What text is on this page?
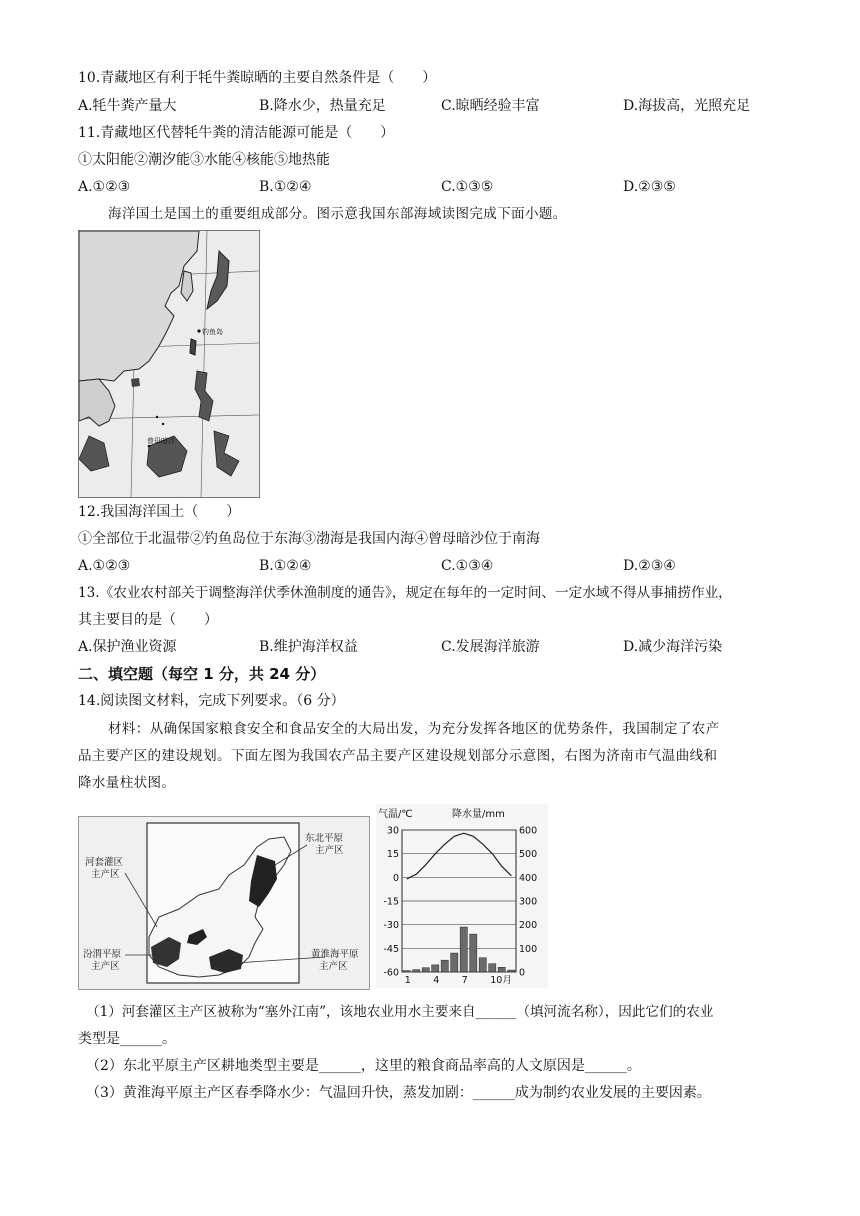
10.青藏地区有利于牦牛粪晾晒的主要自然条件是（　　）
A.牦牛粪产量大	B.降水少，热量充足	C.晾晒经验丰富	D.海拔高，光照充足
11.青藏地区代替牦牛粪的清洁能源可能是（　　）
①太阳能②潮汐能③水能④核能⑤地热能
A.①②③	B.①②④	C.①③⑤	D.②③⑤
海洋国土是国土的重要组成部分。图示意我国东部海域读图完成下面小题。
钓鱼岛
曾母暗沙
12.我国海洋国土（　　）
①全部位于北温带②钓鱼岛位于东海③渤海是我国内海④曾母暗沙位于南海
A.①②③	B.①②④	C.①③④	D.②③④
13.《农业农村部关于调整海洋伏季休渔制度的通告》，规定在每年的一定时间、一定水域不得从事捕捞作业，
其主要目的是（　　）
A.保护渔业资源	B.维护海洋权益	C.发展海洋旅游	D.减少海洋污染
二、填空题（每空 1 分，共 24 分）
14.阅读图文材料，完成下列要求。（6 分）
材料：从确保国家粮食安全和食品安全的大局出发，为充分发挥各地区的优势条件，我国制定了农产
品主要产区的建设规划。下面左图为我国农产品主要产区建设规划部分示意图，右图为济南市气温曲线和
降水量柱状图。
河套灌区
主产区
东北平原
主产区
汾渭平原
主产区
黄淮海平原
主产区
气温/℃	降水量/mm
30
15
0
-15
-30
-45
-60
600
500
400
300
200
100
0
1 4 7 10月
（1）河套灌区主产区被称为“塞外江南”，该地农业用水主要来自______（填河流名称），因此它们的农业
类型是______。
（2）东北平原主产区耕地类型主要是______，这里的粮食商品率高的人文原因是______。
（3）黄淮海平原主产区春季降水少：气温回升快，蒸发加剧：______成为制约农业发展的主要因素。
